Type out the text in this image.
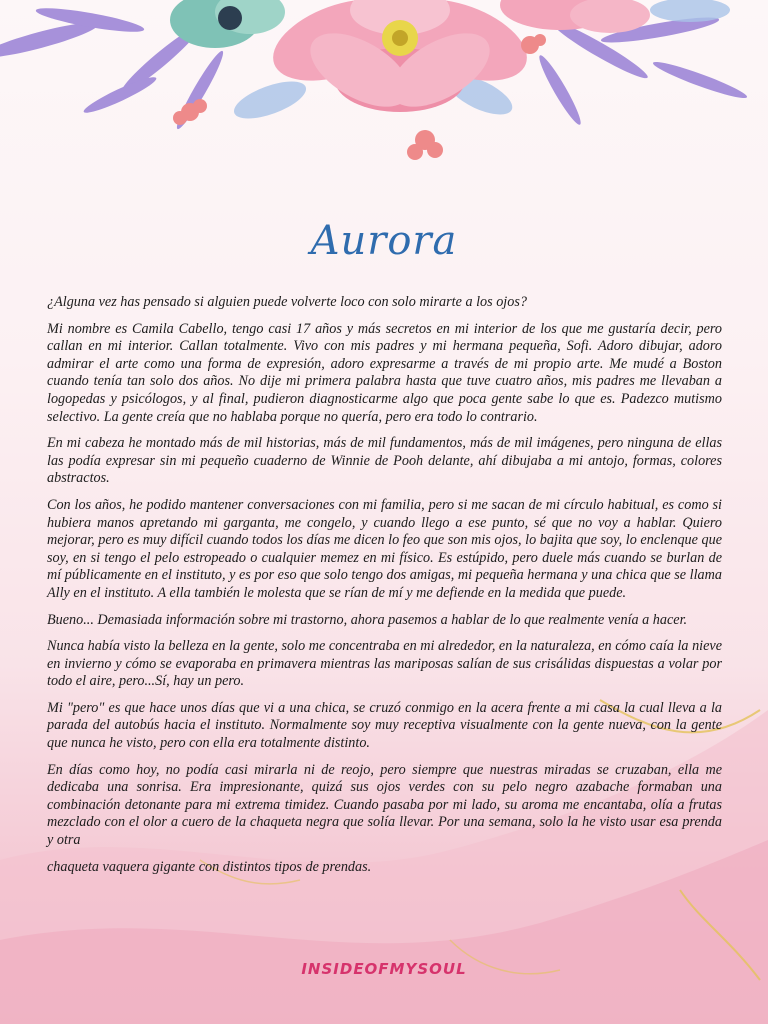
Aurora

¿Alguna vez has pensado si alguien puede volverte loco con solo mirarte a los ojos?

Mi nombre es Camila Cabello, tengo casi 17 años y más secretos en mi interior de los que me gustaría decir, pero callan en mi interior. Callan totalmente. Vivo con mis padres y mi hermana pequeña, Sofi. Adoro dibujar, adoro admirar el arte como una forma de expresión, adoro expresarme a través de mi propio arte. Me mudé a Boston cuando tenía tan solo dos años. No dije mi primera palabra hasta que tuve cuatro años, mis padres me llevaban a logopedas y psicólogos, y al final, pudieron diagnosticarme algo que poca gente sabe lo que es. Padezco mutismo selectivo. La gente creía que no hablaba porque no quería, pero era todo lo contrario.

En mi cabeza he montado más de mil historias, más de mil fundamentos, más de mil imágenes, pero ninguna de ellas las podía expresar sin mi pequeño cuaderno de Winnie de Pooh delante, ahí dibujaba a mi antojo, formas, colores abstractos.

Con los años, he podido mantener conversaciones con mi familia, pero si me sacan de mi círculo habitual, es como si hubiera manos apretando mi garganta, me congelo, y cuando llego a ese punto, sé que no voy a hablar. Quiero mejorar, pero es muy difícil cuando todos los días me dicen lo feo que son mis ojos, lo bajita que soy, lo enclenque que soy, en si tengo el pelo estropeado o cualquier memez en mi físico. Es estúpido, pero duele más cuando se burlan de mí públicamente en el instituto, y es por eso que solo tengo dos amigas, mi pequeña hermana y una chica que se llama Ally en el instituto. A ella también le molesta que se rían de mí y me defiende en la medida que puede.

Bueno... Demasiada información sobre mi trastorno, ahora pasemos a hablar de lo que realmente venía a hacer.

Nunca había visto la belleza en la gente, solo me concentraba en mi alrededor, en la naturaleza, en cómo caía la nieve en invierno y cómo se evaporaba en primavera mientras las mariposas salían de sus crisálidas dispuestas a volar por todo el aire, pero...Sí, hay un pero.

Mi "pero" es que hace unos días que vi a una chica, se cruzó conmigo en la acera frente a mi casa la cual lleva a la parada del autobús hacia el instituto. Normalmente soy muy receptiva visualmente con la gente nueva, con la gente que nunca he visto, pero con ella era totalmente distinto.

En días como hoy, no podía casi mirarla ni de reojo, pero siempre que nuestras miradas se cruzaban, ella me dedicaba una sonrisa. Era impresionante, quizá sus ojos verdes con su pelo negro azabache formaban una combinación detonante para mi extrema timidez. Cuando pasaba por mi lado, su aroma me encantaba, olía a frutas mezclado con el olor a cuero de la chaqueta negra que solía llevar. Por una semana, solo la he visto usar esa prenda y otra

chaqueta vaquera gigante con distintos tipos de prendas.

INSIDEOFMYSOUL
